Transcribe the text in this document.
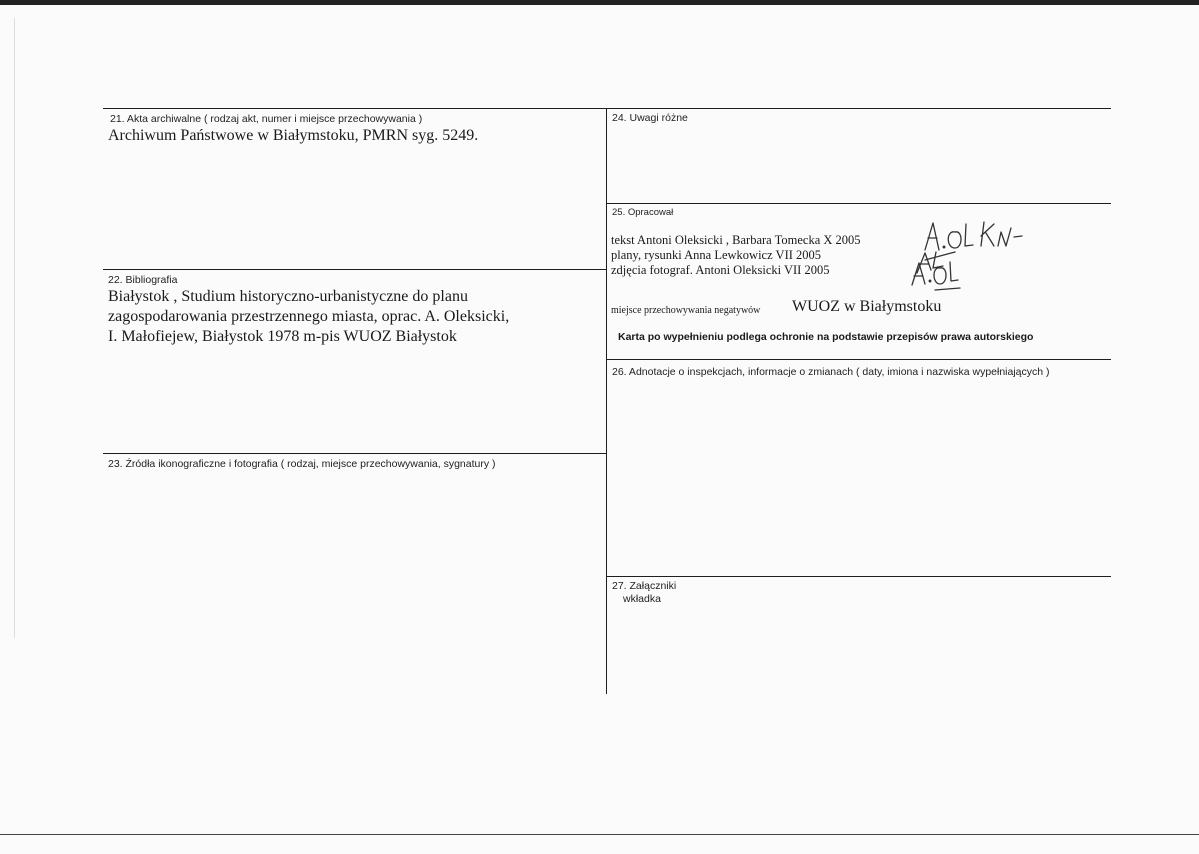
21. Akta archiwalne ( rodzaj akt, numer i miejsce przechowywania )
Archiwum Państwowe w Białymstoku, PMRN syg. 5249.
22. Bibliografia
Białystok , Studium historyczno-urbanistyczne do planu
zagospodarowania przestrzennego miasta, oprac. A. Oleksicki,
I. Małofiejew, Białystok 1978 m-pis WUOZ Białystok
23. Źródła ikonograficzne i fotografia ( rodzaj, miejsce przechowywania, sygnatury )
24. Uwagi różne
25. Opracował
tekst Antoni Oleksicki , Barbara Tomecka X 2005
plany, rysunki Anna Lewkowicz VII 2005
zdjęcia fotograf. Antoni Oleksicki VII 2005
miejsce przechowywania negatywów WUOZ w Białymstoku
Karta po wypełnieniu podlega ochronie na podstawie przepisów prawa autorskiego
26. Adnotacje o inspekcjach, informacje o zmianach ( daty, imiona i nazwiska wypełniających )
27. Załączniki
wkładka
